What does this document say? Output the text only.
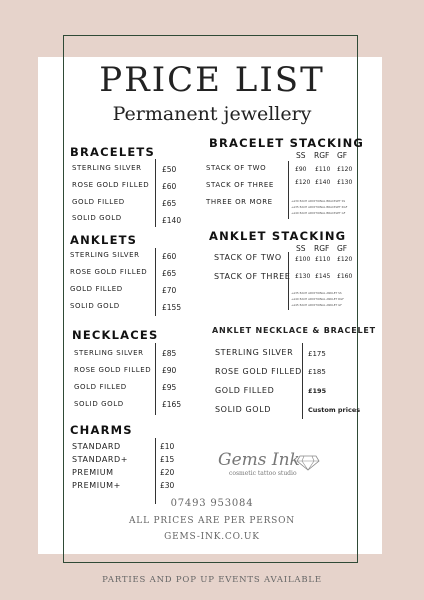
PRICE LIST
Permanent jewellery
BRACELETS
STERLING SILVER	£50
ROSE GOLD FILLED £60
GOLD FILLED	£65
SOLID GOLD	£140
ANKLETS
STERLING SILVER	£60
ROSE GOLD FILLED £65
GOLD FILLED	£70
SOLID GOLD	£155
NECKLACES
STERLING SILVER £85
ROSE GOLD FILLED £90
GOLD FILLED	£95
SOLID GOLD	£165
CHARMS
STANDARD	£10
STANDARD+	£15
PREMIUM	£20
PREMIUM+	£30
BRACELET STACKING
SS RGF GF
STACK OF TWO	£90 £110 £120
STACK OF THREE	£120 £140 £130
THREE OR MORE	+£30 EACH ADDITIONAL BRACELET SS
+£35 EACH ADDITIONAL BRACELET RGF
+£40 EACH ADDITIONAL BRACELET GF
ANKLET STACKING
SS RGF GF
STACK OF TWO £100 £110 £120
STACK OF THREE £130 £145 £160
+£35 EACH ADDITIONAL ANKLET SS
+£40 EACH ADDITIONAL ANKLET RGF
+£45 EACH ADDITIONAL ANKLET GF
ANKLET NECKLACE & BRACELET
STERLING SILVER £175
ROSE GOLD FILLED £185
GOLD FILLED	£195
SOLID GOLD	Custom prices
Gems Ink
cosmetic tattoo studio
07493 953084
ALL PRICES ARE PER PERSON
GEMS-INK.CO.UK
PARTIES AND POP UP EVENTS AVAILABLE
